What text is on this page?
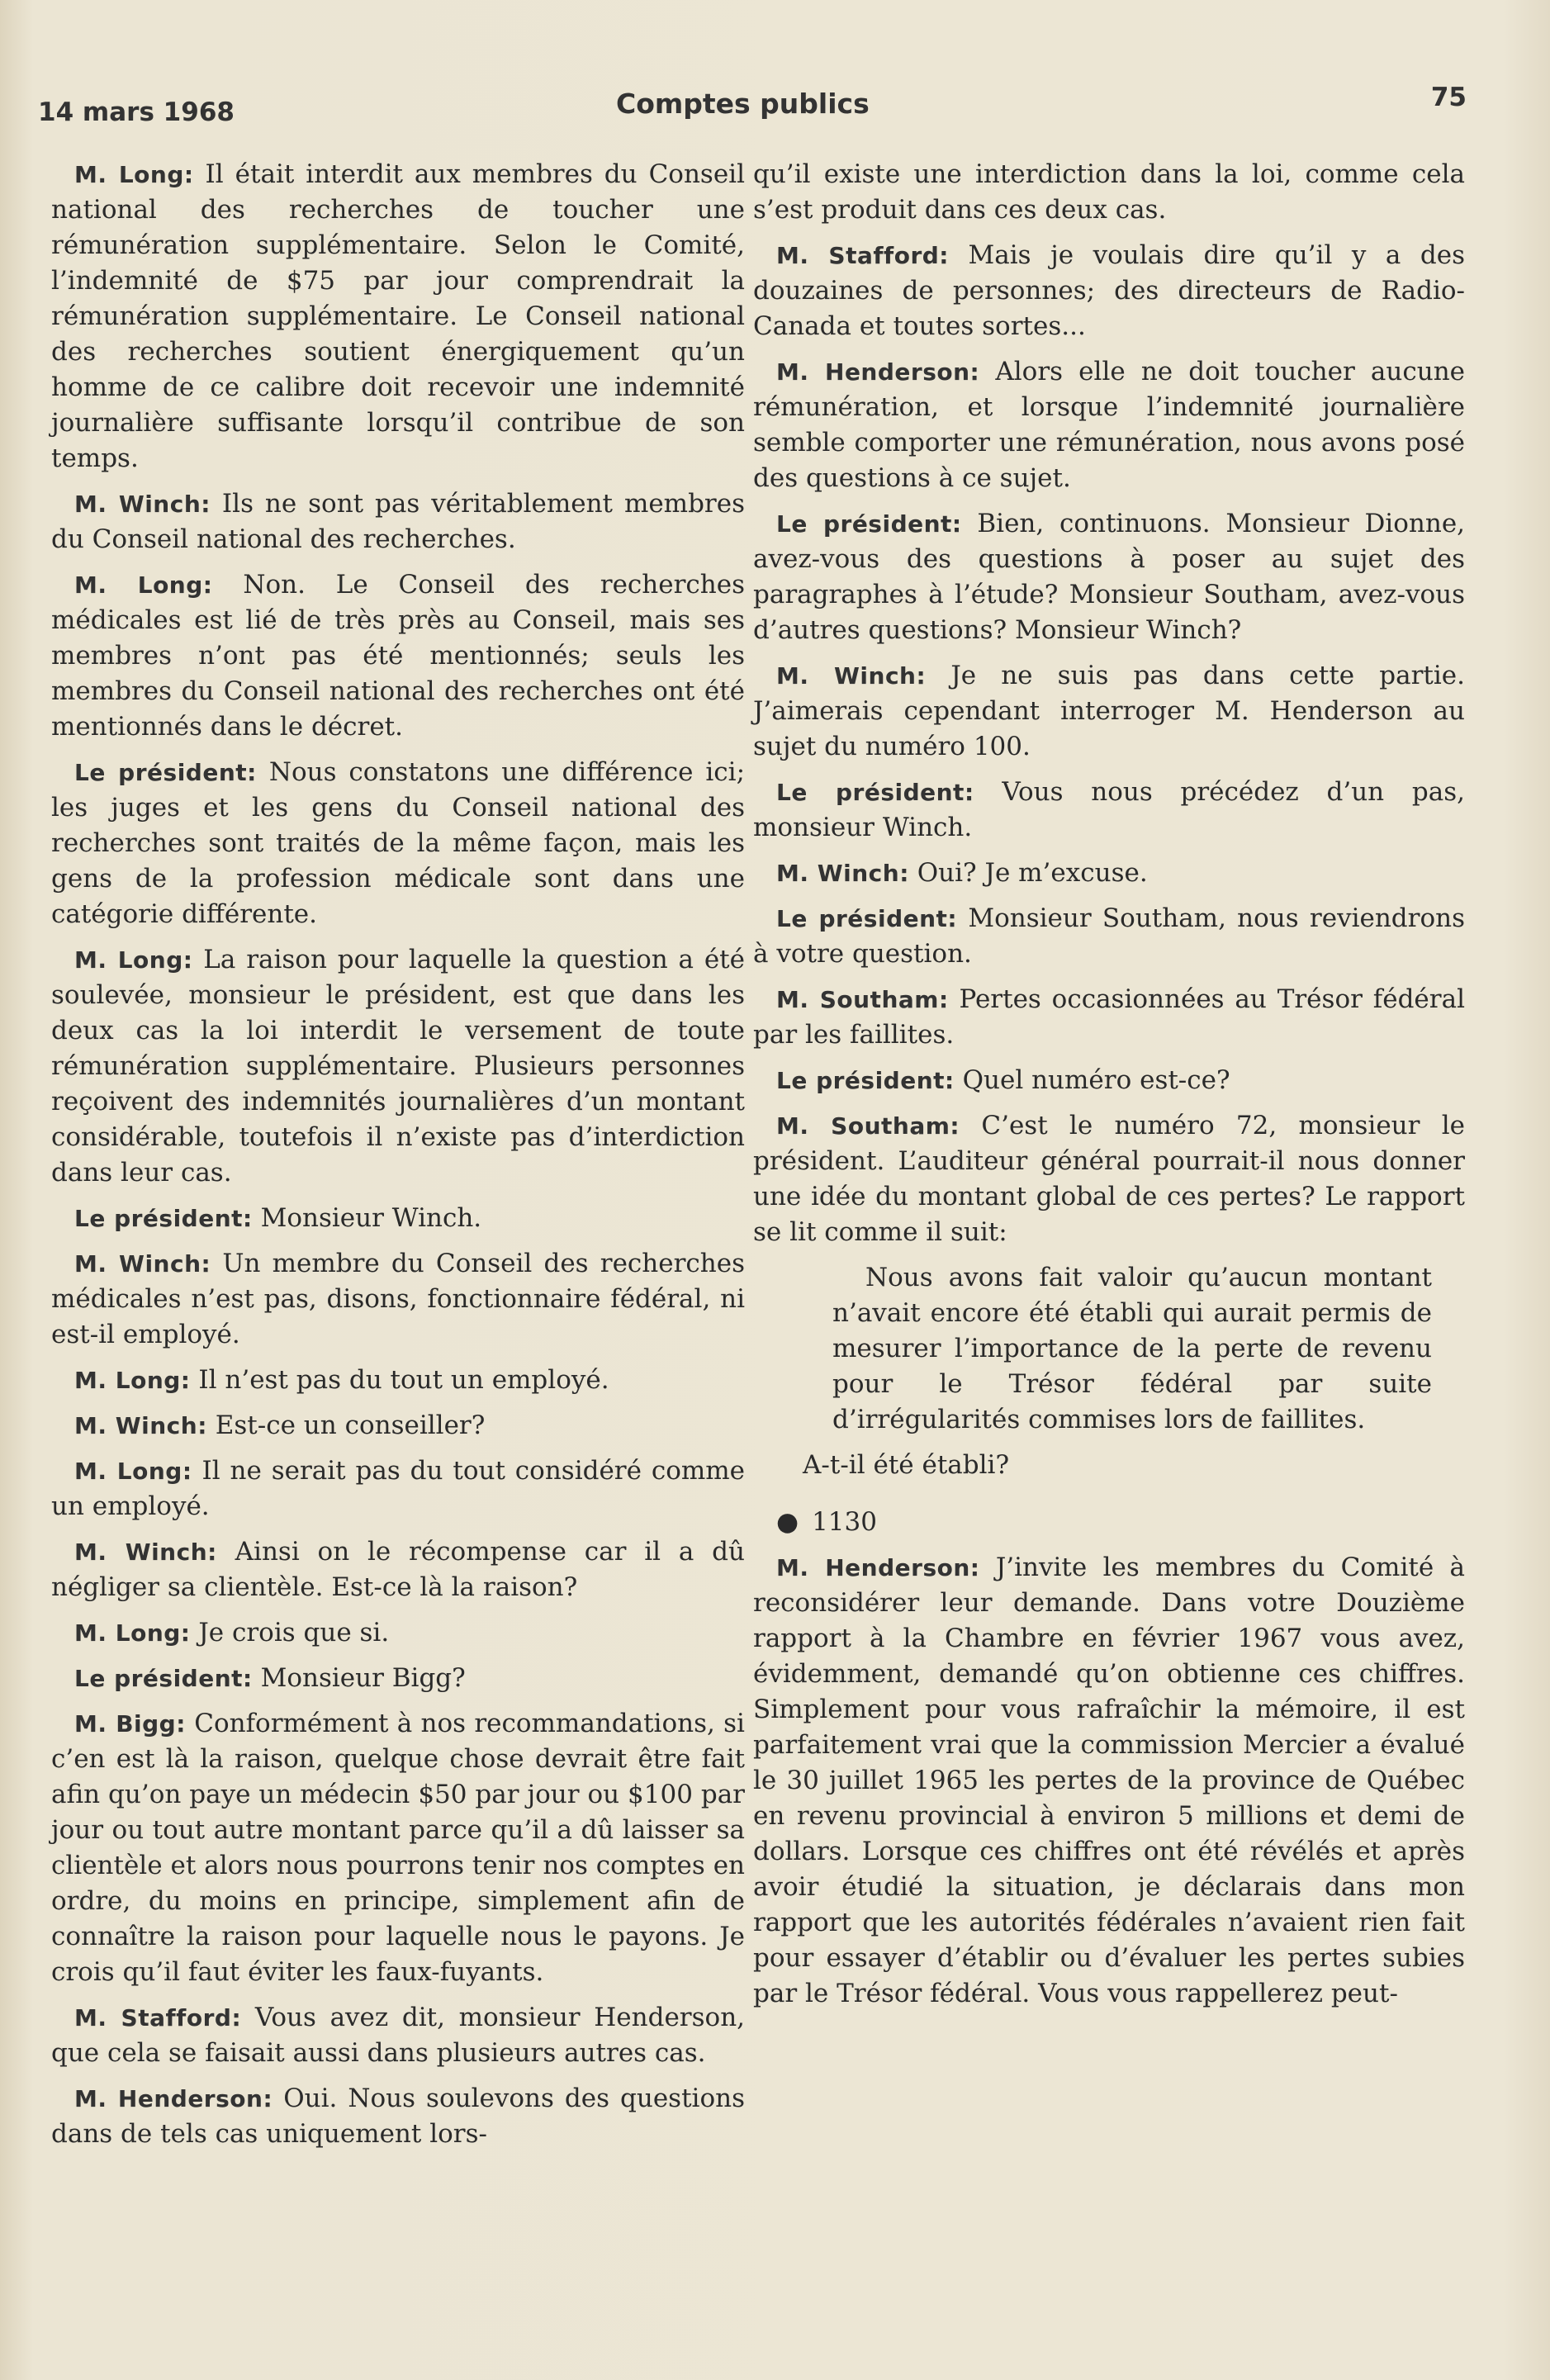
14 mars 1968	Comptes publics	75

M. Long: Il était interdit aux membres du Conseil national des recherches de toucher une rémunération supplémentaire. Selon le Comité, l’indemnité de $75 par jour comprendrait la rémunération supplémentaire. Le Conseil national des recherches soutient énergiquement qu’un homme de ce calibre doit recevoir une indemnité journalière suffisante lorsqu’il contribue de son temps.

M. Winch: Ils ne sont pas véritablement membres du Conseil national des recherches.

M. Long: Non. Le Conseil des recherches médicales est lié de très près au Conseil, mais ses membres n’ont pas été mentionnés; seuls les membres du Conseil national des recherches ont été mentionnés dans le décret.

Le président: Nous constatons une différence ici; les juges et les gens du Conseil national des recherches sont traités de la même façon, mais les gens de la profession médicale sont dans une catégorie différente.

M. Long: La raison pour laquelle la question a été soulevée, monsieur le président, est que dans les deux cas la loi interdit le versement de toute rémunération supplémentaire. Plusieurs personnes reçoivent des indemnités journalières d’un montant considérable, toutefois il n’existe pas d’interdiction dans leur cas.

Le président: Monsieur Winch.

M. Winch: Un membre du Conseil des recherches médicales n’est pas, disons, fonctionnaire fédéral, ni est-il employé.

M. Long: Il n’est pas du tout un employé.

M. Winch: Est-ce un conseiller?

M. Long: Il ne serait pas du tout considéré comme un employé.

M. Winch: Ainsi on le récompense car il a dû négliger sa clientèle. Est-ce là la raison?

M. Long: Je crois que si.

Le président: Monsieur Bigg?

M. Bigg: Conformément à nos recommandations, si c’en est là la raison, quelque chose devrait être fait afin qu’on paye un médecin $50 par jour ou $100 par jour ou tout autre montant parce qu’il a dû laisser sa clientèle et alors nous pourrons tenir nos comptes en ordre, du moins en principe, simplement afin de connaître la raison pour laquelle nous le payons. Je crois qu’il faut éviter les faux-fuyants.

M. Stafford: Vous avez dit, monsieur Henderson, que cela se faisait aussi dans plusieurs autres cas.

M. Henderson: Oui. Nous soulevons des questions dans de tels cas uniquement lors-

qu’il existe une interdiction dans la loi, comme cela s’est produit dans ces deux cas.

M. Stafford: Mais je voulais dire qu’il y a des douzaines de personnes; des directeurs de Radio-Canada et toutes sortes...

M. Henderson: Alors elle ne doit toucher aucune rémunération, et lorsque l’indemnité journalière semble comporter une rémunération, nous avons posé des questions à ce sujet.

Le président: Bien, continuons. Monsieur Dionne, avez-vous des questions à poser au sujet des paragraphes à l’étude? Monsieur Southam, avez-vous d’autres questions? Monsieur Winch?

M. Winch: Je ne suis pas dans cette partie. J’aimerais cependant interroger M. Henderson au sujet du numéro 100.

Le président: Vous nous précédez d’un pas, monsieur Winch.

M. Winch: Oui? Je m’excuse.

Le président: Monsieur Southam, nous reviendrons à votre question.

M. Southam: Pertes occasionnées au Trésor fédéral par les faillites.

Le président: Quel numéro est-ce?

M. Southam: C’est le numéro 72, monsieur le président. L’auditeur général pourrait-il nous donner une idée du montant global de ces pertes? Le rapport se lit comme il suit:

Nous avons fait valoir qu’aucun montant n’avait encore été établi qui aurait permis de mesurer l’importance de la perte de revenu pour le Trésor fédéral par suite d’irrégularités commises lors de faillites.

A-t-il été établi?

● 1130

M. Henderson: J’invite les membres du Comité à reconsidérer leur demande. Dans votre Douzième rapport à la Chambre en février 1967 vous avez, évidemment, demandé qu’on obtienne ces chiffres. Simplement pour vous rafraîchir la mémoire, il est parfaitement vrai que la commission Mercier a évalué le 30 juillet 1965 les pertes de la province de Québec en revenu provincial à environ 5 millions et demi de dollars. Lorsque ces chiffres ont été révélés et après avoir étudié la situation, je déclarais dans mon rapport que les autorités fédérales n’avaient rien fait pour essayer d’établir ou d’évaluer les pertes subies par le Trésor fédéral. Vous vous rappellerez peut-
